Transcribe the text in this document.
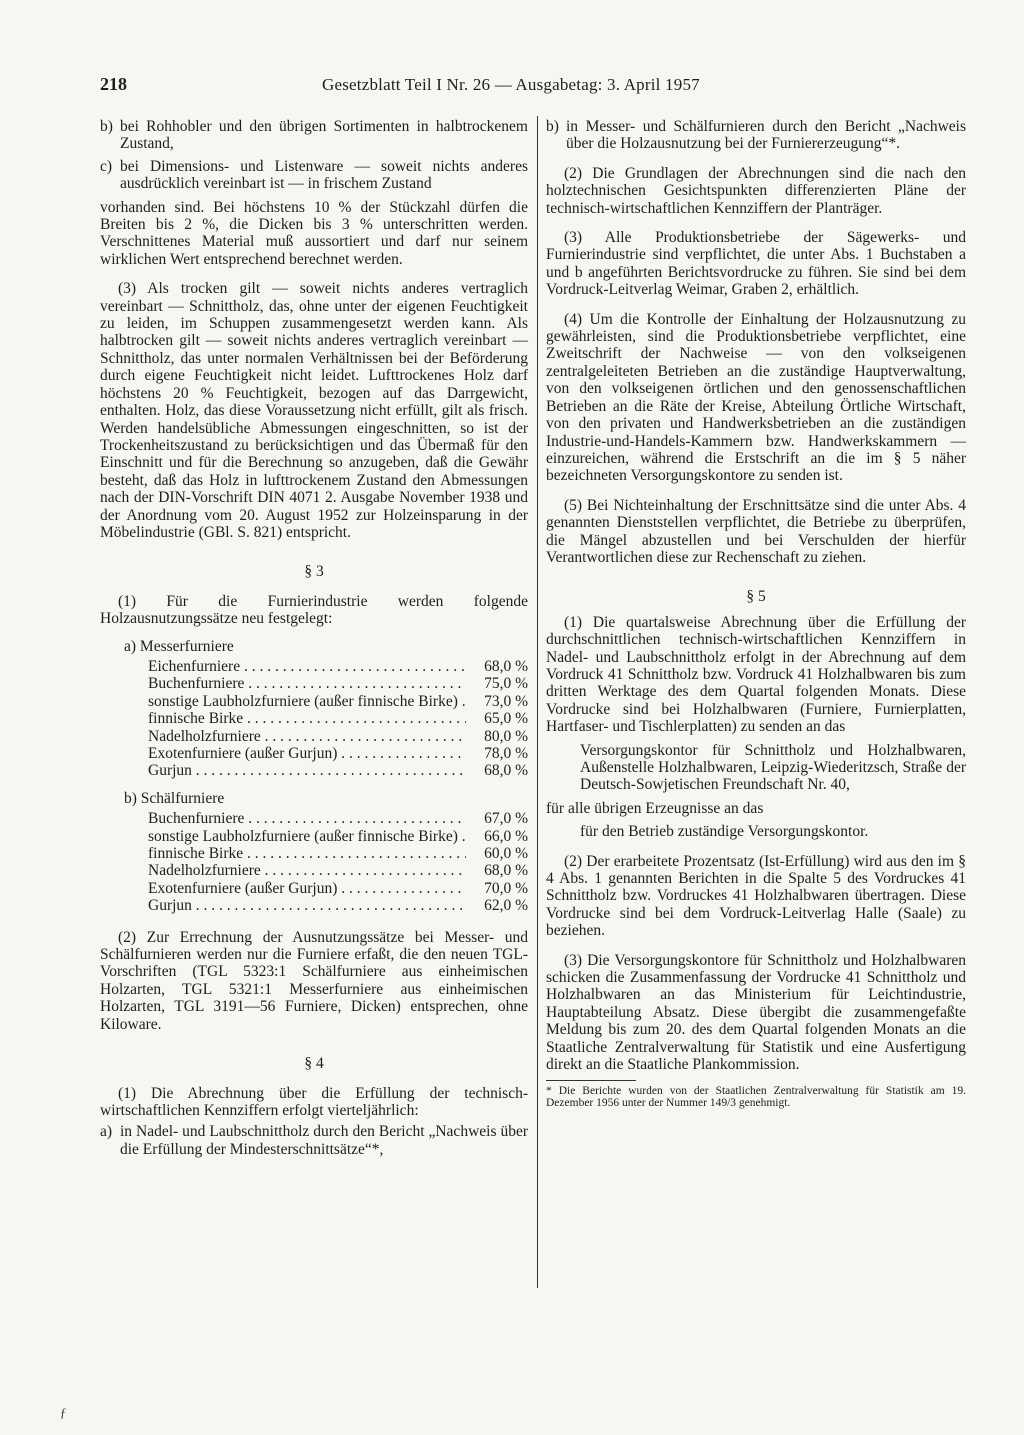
218	Gesetzblatt Teil I Nr. 26 — Ausgabetag: 3. April 1957
b) bei Rohhobler und den übrigen Sortimenten in halbtrockenem Zustand,
c) bei Dimensions- und Listenware — soweit nichts anderes ausdrücklich vereinbart ist — in frischem Zustand

vorhanden sind. Bei höchstens 10 % der Stückzahl dürfen die Breiten bis 2 %, die Dicken bis 3 % unterschritten werden. Verschnittenes Material muß aussortiert und darf nur seinem wirklichen Wert entsprechend berechnet werden.

(3) Als trocken gilt — soweit nichts anderes vertraglich vereinbart — Schnittholz, das, ohne unter der eigenen Feuchtigkeit zu leiden, im Schuppen zusammengesetzt werden kann. Als halbtrocken gilt — soweit nichts anderes vertraglich vereinbart — Schnittholz, das unter normalen Verhältnissen bei der Beförderung durch eigene Feuchtigkeit nicht leidet. Lufttrockenes Holz darf höchstens 20 % Feuchtigkeit, bezogen auf das Darrgewicht, enthalten. Holz, das diese Voraussetzung nicht erfüllt, gilt als frisch. Werden handelsübliche Abmessungen eingeschnitten, so ist der Trockenheitszustand zu berücksichtigen und das Übermaß für den Einschnitt und für die Berechnung so anzugeben, daß die Gewähr besteht, daß das Holz in lufttrockenem Zustand den Abmessungen nach der DIN-Vorschrift DIN 4071 2. Ausgabe November 1938 und der Anordnung vom 20. August 1952 zur Holzeinsparung in der Möbelindustrie (GBl. S. 821) entspricht.

§ 3

(1) Für die Furnierindustrie werden folgende Holzausnutzungssätze neu festgelegt:

a) Messerfurniere

Eichenfurniere . . .	68,0 %
Buchenfurniere . . .	75,0 %
sonstige Laubholzfurniere (außer finnische Birke) . . .	73,0 %
finnische Birke . . .	65,0 %
Nadelholzfurniere . . .	80,0 %
Exotenfurniere (außer Gurjun) . . .	78,0 %
Gurjun . . .	68,0 %

b) Schälfurniere

Buchenfurniere . . .	67,0 %
sonstige Laubholzfurniere (außer finnische Birke) . . .	66,0 %
finnische Birke . . .	60,0 %
Nadelholzfurniere . . .	68,0 %
Exotenfurniere (außer Gurjun) . . .	70,0 %
Gurjun . . .	62,0 %

(2) Zur Errechnung der Ausnutzungssätze bei Messer- und Schälfurnieren werden nur die Furniere erfaßt, die den neuen TGL-Vorschriften (TGL 5323:1 Schälfurniere aus einheimischen Holzarten, TGL 5321:1 Messerfurniere aus einheimischen Holzarten, TGL 3191—56 Furniere, Dicken) entsprechen, ohne Kiloware.

§ 4

(1) Die Abrechnung über die Erfüllung der technisch-wirtschaftlichen Kennziffern erfolgt vierteljährlich:

a) in Nadel- und Laubschnittholz durch den Bericht „Nachweis über die Erfüllung der Mindesterschnittsätze“*,
b) in Messer- und Schälfurnieren durch den Bericht „Nachweis über die Holzausnutzung bei der Furniererzeugung“*.

(2) Die Grundlagen der Abrechnungen sind die nach den holztechnischen Gesichtspunkten differenzierten Pläne der technisch-wirtschaftlichen Kennziffern der Planträger.

(3) Alle Produktionsbetriebe der Sägewerks- und Furnierindustrie sind verpflichtet, die unter Abs. 1 Buchstaben a und b angeführten Berichtsvordrucke zu führen. Sie sind bei dem Vordruck-Leitverlag Weimar, Graben 2, erhältlich.

(4) Um die Kontrolle der Einhaltung der Holzausnutzung zu gewährleisten, sind die Produktionsbetriebe verpflichtet, eine Zweitschrift der Nachweise — von den volkseigenen zentralgeleiteten Betrieben an die zuständige Hauptverwaltung, von den volkseigenen örtlichen und den genossenschaftlichen Betrieben an die Räte der Kreise, Abteilung Örtliche Wirtschaft, von den privaten und Handwerksbetrieben an die zuständigen Industrie-und-Handels-Kammern bzw. Handwerkskammern — einzureichen, während die Erstschrift an die im § 5 näher bezeichneten Versorgungskontore zu senden ist.

(5) Bei Nichteinhaltung der Erschnittsätze sind die unter Abs. 4 genannten Dienststellen verpflichtet, die Betriebe zu überprüfen, die Mängel abzustellen und bei Verschulden der hierfür Verantwortlichen diese zur Rechenschaft zu ziehen.

§ 5

(1) Die quartalsweise Abrechnung über die Erfüllung der durchschnittlichen technisch-wirtschaftlichen Kennziffern in Nadel- und Laubschnittholz erfolgt in der Abrechnung auf dem Vordruck 41 Schnittholz bzw. Vordruck 41 Holzhalbwaren bis zum dritten Werktage des dem Quartal folgenden Monats. Diese Vordrucke sind bei Holzhalbwaren (Furniere, Furnierplatten, Hartfaser- und Tischlerplatten) zu senden an das

Versorgungskontor für Schnittholz und Holzhalbwaren, Außenstelle Holzhalbwaren, Leipzig-Wiederitzsch, Straße der Deutsch-Sowjetischen Freundschaft Nr. 40,

für alle übrigen Erzeugnisse an das

für den Betrieb zuständige Versorgungskontor.

(2) Der erarbeitete Prozentsatz (Ist-Erfüllung) wird aus den im § 4 Abs. 1 genannten Berichten in die Spalte 5 des Vordruckes 41 Schnittholz bzw. Vordruckes 41 Holzhalbwaren übertragen. Diese Vordrucke sind bei dem Vordruck-Leitverlag Halle (Saale) zu beziehen.

(3) Die Versorgungskontore für Schnittholz und Holzhalbwaren schicken die Zusammenfassung der Vordrucke 41 Schnittholz und Holzhalbwaren an das Ministerium für Leichtindustrie, Hauptabteilung Absatz. Diese übergibt die zusammengefaßte Meldung bis zum 20. des dem Quartal folgenden Monats an die Staatliche Zentralverwaltung für Statistik und eine Ausfertigung direkt an die Staatliche Plankommission.

* Die Berichte wurden von der Staatlichen Zentralverwaltung für Statistik am 19. Dezember 1956 unter der Nummer 149/3 genehmigt.

ƒ
